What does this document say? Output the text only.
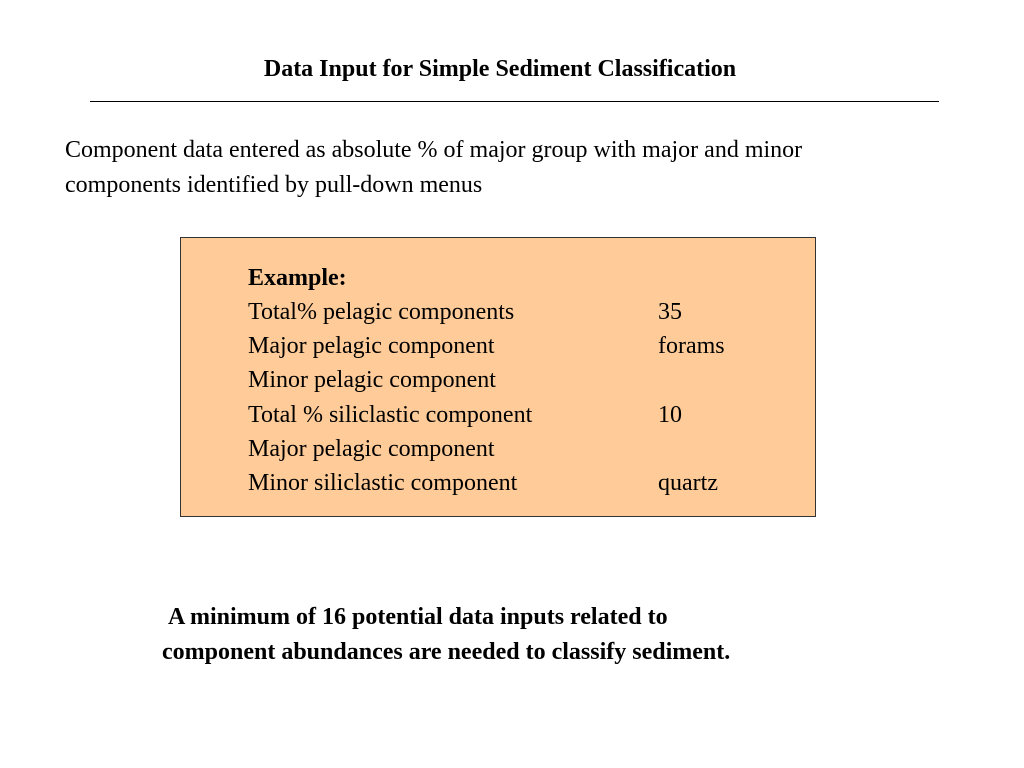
Data Input for Simple Sediment Classification
Component data entered as absolute % of major group with major and minor
components identified by pull-down menus
Example:
Total% pelagic components	35
Major pelagic component	forams
Minor pelagic component
Total % siliclastic component	10
Major pelagic component
Minor siliclastic component	quartz
A minimum of 16 potential data inputs related to
component abundances are needed to classify sediment.
